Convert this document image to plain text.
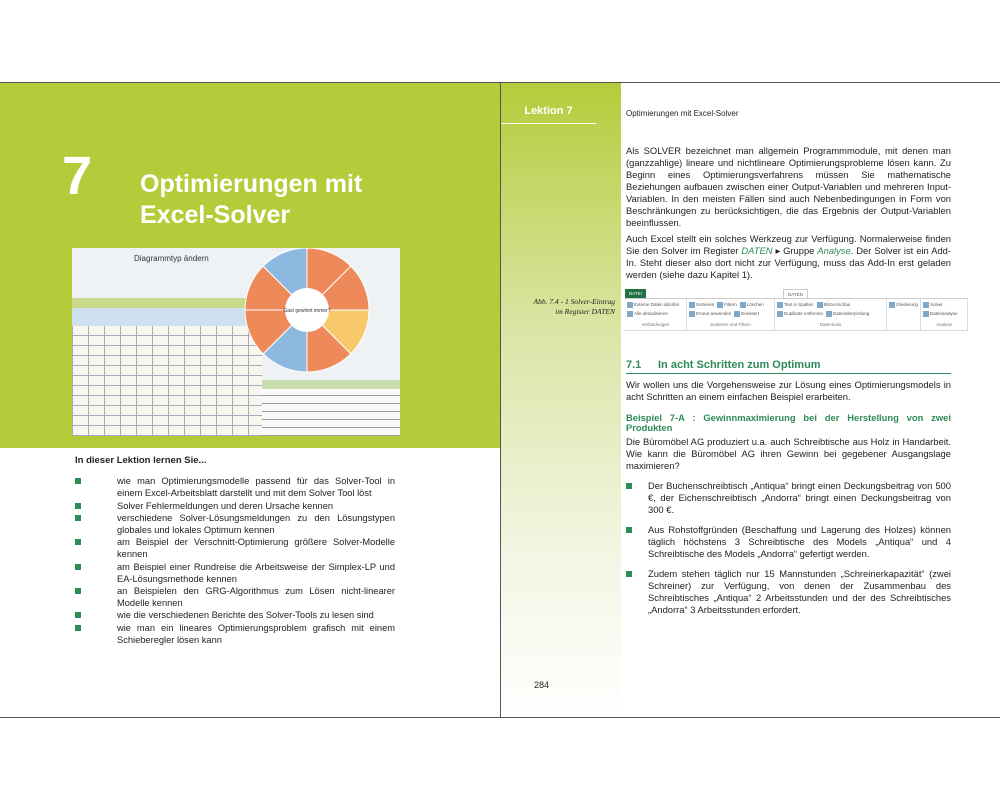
7 Optimierungen mit
Excel-Solver
Diagrammtyp ändern
Gast gewinnt immer?
In dieser Lektion lernen Sie...
wie man Optimierungsmodelle passend für das Solver-Tool in einem Excel-Arbeitsblatt darstellt und mit dem Solver Tool löst
Solver Fehlermeldungen und deren Ursache kennen
verschiedene Solver-Lösungsmeldungen zu den Lösungstypen globales und lokales Optimum kennen
am Beispiel der Verschnitt-Optimierung größere Solver-Modelle kennen
am Beispiel einer Rundreise die Arbeitsweise der Simplex-LP und EA-Lösungsmethode kennen
an Beispielen den GRG-Algorithmus zum Lösen nicht-linearer Modelle kennen
wie die verschiedenen Berichte des Solver-Tools zu lesen sind
wie man ein lineares Optimierungsproblem grafisch mit einem Schieberegler lösen kann
Lektion 7
Abb. 7.4 - 1 Solver-Eintrag im Register DATEN
Optimierungen mit Excel-Solver

Als SOLVER bezeichnet man allgemein Programmmodule, mit denen man (ganzzahlige) lineare und nichtlineare Optimierungsprobleme lösen kann. Zu Beginn eines Optimierungsverfahrens müssen Sie mathematische Beziehungen aufbauen zwischen einer Output-Variablen und mehreren Input-Variablen. In den meisten Fällen sind auch Nebenbedingungen in Form von Beschränkungen zu berücksichtigen, die das Ergebnis der Output-Variablen beeinflussen.

Auch Excel stellt ein solches Werkzeug zur Verfügung. Normalerweise finden Sie den Solver im Register DATEN ▸ Gruppe Analyse. Der Solver ist ein Add-In. Steht dieser also dort nicht zur Verfügung, muss das Add-In erst geladen werden (siehe dazu Kapitel 1).

DATEI	DATEN
Externe Daten abrufen
Alle aktualisieren
Verbindungen
Sortieren Filtern Löschen
Erneut anwenden Erweitert
Sortieren und Filtern
Text in Spalten Blitzvorschau
Duplikate entfernen Datenüberprüfung
Datentools
Gliederung	Solver
Datenanalyse
Analyse
7.1 In acht Schritten zum Optimum

Wir wollen uns die Vorgehensweise zur Lösung eines Optimierungsmodels in acht Schritten an einem einfachen Beispiel erarbeiten.

Beispiel 7-A : Gewinnmaximierung bei der Herstellung von zwei Produkten

Die Büromöbel AG produziert u.a. auch Schreibtische aus Holz in Handarbeit. Wie kann die Büromöbel AG ihren Gewinn bei gegebener Ausgangslage maximieren?

Der Buchenschreibtisch „Antiqua“ bringt einen Deckungsbeitrag von 500 €, der Eichenschreibtisch „Andorra“ bringt einen Deckungsbeitrag von 300 €.
Aus Rohstoffgründen (Beschaffung und Lagerung des Holzes) können täglich höchstens 3 Schreibtische des Models „Antiqua“ und 4 Schreibtische des Models „Andorra“ gefertigt werden.
Zudem stehen täglich nur 15 Mannstunden „Schreinerkapazität“ (zwei Schreiner) zur Verfügung, von denen der Zusammenbau des Schreibtisches „Antiqua“ 2 Arbeitsstunden und der des Schreibtisches „Andorra“ 3 Arbeitsstunden erfordert.
284
